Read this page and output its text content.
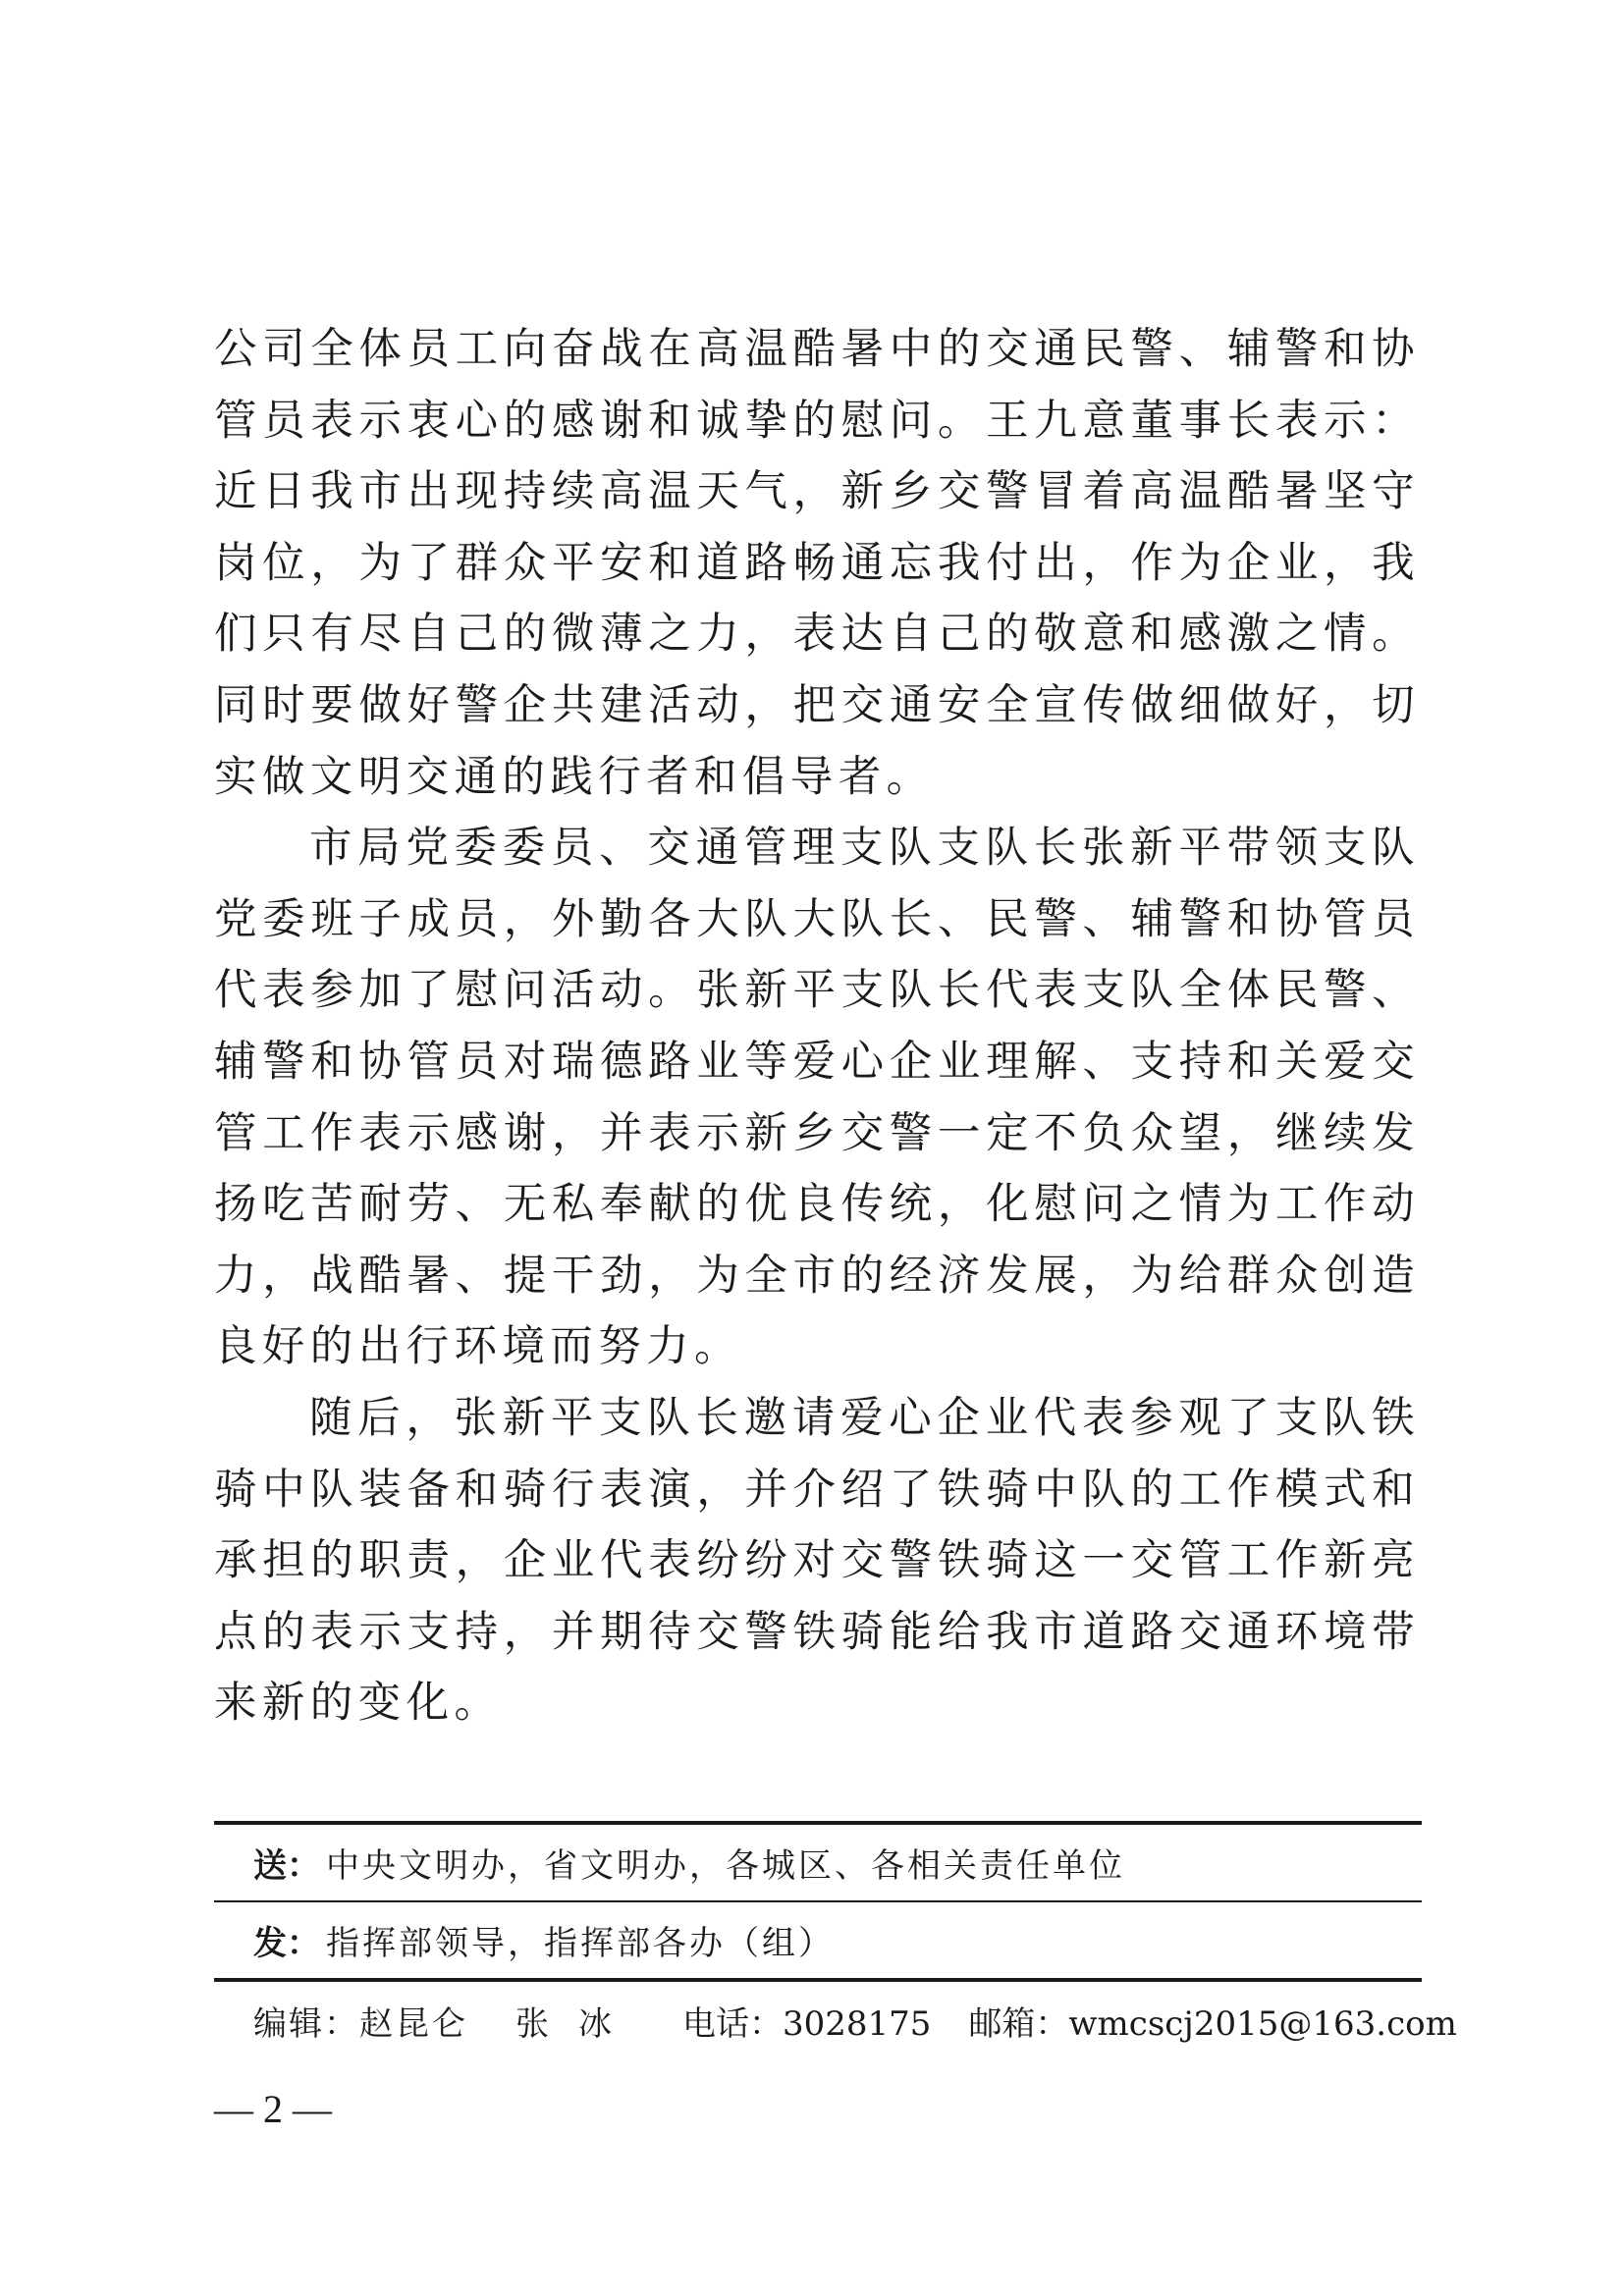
公司全体员工向奋战在高温酷暑中的交通民警、辅警和协管员表示衷心的感谢和诚挚的慰问。王九意董事长表示：近日我市出现持续高温天气，新乡交警冒着高温酷暑坚守岗位，为了群众平安和道路畅通忘我付出，作为企业，我们只有尽自己的微薄之力，表达自己的敬意和感激之情。同时要做好警企共建活动，把交通安全宣传做细做好，切实做文明交通的践行者和倡导者。

市局党委委员、交通管理支队支队长张新平带领支队党委班子成员，外勤各大队大队长、民警、辅警和协管员代表参加了慰问活动。张新平支队长代表支队全体民警、辅警和协管员对瑞德路业等爱心企业理解、支持和关爱交管工作表示感谢，并表示新乡交警一定不负众望，继续发扬吃苦耐劳、无私奉献的优良传统，化慰问之情为工作动力，战酷暑、提干劲，为全市的经济发展，为给群众创造良好的出行环境而努力。

随后，张新平支队长邀请爱心企业代表参观了支队铁骑中队装备和骑行表演，并介绍了铁骑中队的工作模式和承担的职责，企业代表纷纷对交警铁骑这一交管工作新亮点的表示支持，并期待交警铁骑能给我市道路交通环境带来新的变化。

送： 中央文明办，省文明办，各城区、各相关责任单位
发： 指挥部领导，指挥部各办（组）
编辑：赵昆仑 张冰 电话：3028175 邮箱：wmcscj2015@163.com
— 2 —
